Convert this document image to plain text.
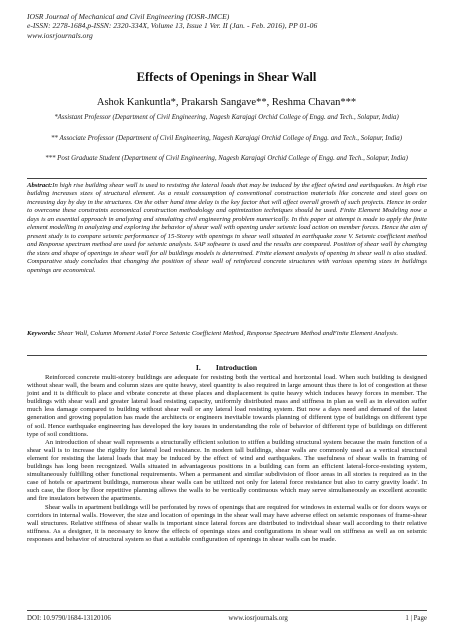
IOSR Journal of Mechanical and Civil Engineering (IOSR-JMCE)
e-ISSN: 2278-1684,p-ISSN: 2320-334X, Volume 13, Issue 1 Ver. II (Jan. - Feb. 2016), PP 01-06
www.iosrjournals.org
Effects of Openings in Shear Wall
Ashok Kankuntla*, Prakarsh Sangave**, Reshma Chavan***
*Assistant Professor (Department of Civil Engineering, Nagesh Karajagi Orchid College of Engg. and Tech., Solapur, India)
** Associate Professor (Department of Civil Engineering, Nagesh Karajagi Orchid College of Engg. and Tech., Solapur, India)
*** Post Graduate Student (Department of Civil Engineering, Nagesh Karajagi Orchid College of Engg. and Tech., Solapur, India)
Abstract:In high rise building shear wall is used to resisting the lateral loads that may be induced by the effect ofwind and earthquakes. In high rise building increases sizes of structural element. As a result consumption of conventional construction materials like concrete and steel goes on increasing day by day in the structures. On the other hand time delay is the key factor that will affect overall growth of such projects. Hence in order to overcome these constraints economical construction methodology and optimization techniques should be used. Finite Element Modeling now a days is an essential approach in analyzing and simulating civil engineering problem numerically. In this paper at attempt is made to apply the finite element modelling in analyzing and exploring the behavior of shear wall with opening under seismic load action on member forces. Hence the aim of present study is to compare seismic performance of 15-Storey with openings in shear wall situated in earthquake zone V. Seismic coefficient method and Response spectrum method are used for seismic analysis. SAP software is used and the results are compared. Position of shear wall by changing the sizes and shape of openings in shear wall for all buildings models is determined. Finite element analysis of opening in shear wall is also studied. Comparative study concludes that changing the position of shear wall of reinforced concrete structures with various opening sizes in buildings openings are economical.
Keywords: Shear Wall, Column Moment Axial Force Seismic Coefficient Method, Response Spectrum Method andFinite Element Analysis.
I.        Introduction

Reinforced concrete multi-storey buildings are adequate for resisting both the vertical and horizontal load. When such building is designed without shear wall, the beam and column sizes are quite heavy, steel quantity is also required in large amount thus there is lot of congestion at these joint and it is difficult to place and vibrate concrete at these places and displacement is quite heavy which induces heavy forces in member. The buildings with shear wall and greater lateral load resisting capacity, uniformly distributed mass and stiffness in plan as well as in elevation suffer much less damage compared to building without shear wall or any lateral load resisting system. But now a days need and demand of the latest generation and growing population has made the architects or engineers inevitable towards planning of different type of buildings on different type of soil. Hence earthquake engineering has developed the key issues in understanding the role of behavior of different type of buildings on different type of soil conditions.

An introduction of shear wall represents a structurally efficient solution to stiffen a building structural system because the main function of a shear wall is to increase the rigidity for lateral load resistance. In modern tall buildings, shear walls are commonly used as a vertical structural element for resisting the lateral loads that may be induced by the effect of wind and earthquakes. The usefulness of shear walls in framing of buildings has long been recognized. Walls situated in advantageous positions in a building can form an efficient lateral-force-resisting system, simultaneously fulfilling other functional requirements. When a permanent and similar subdivision of floor areas in all stories is required as in the case of hotels or apartment buildings, numerous shear walls can be utilized not only for lateral force resistance but also to carry gravity loads'. In such case, the floor by floor repetitive planning allows the walls to be vertically continuous which may serve simultaneously as excellent acoustic and fire insulators between the apartments.

Shear walls in apartment buildings will be perforated by rows of openings that are required for windows in external walls or for doors ways or corridors in internal walls. However, the size and location of openings in the shear wall may have adverse effect on seismic responses of frame-shear wall structures. Relative stiffness of shear walls is important since lateral forces are distributed to individual shear wall according to their relative stiffness. As a designer, it is necessary to know the effects of openings sizes and configurations in shear wall on stiffness as well as on seismic responses and behavior of structural system so that a suitable configuration of openings in shear walls can be made.

DOI: 10.9790/1684-13120106	www.iosrjournals.org	1 | Page
